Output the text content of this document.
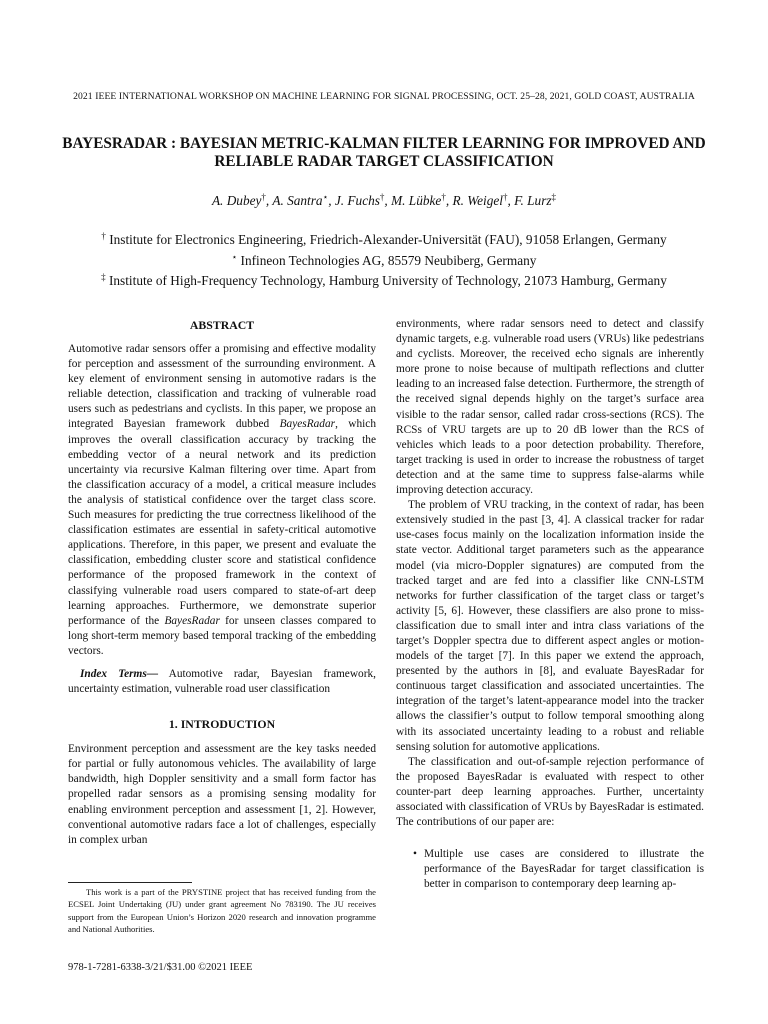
2021 IEEE INTERNATIONAL WORKSHOP ON MACHINE LEARNING FOR SIGNAL PROCESSING, OCT. 25–28, 2021, GOLD COAST, AUSTRALIA
BAYESRADAR : BAYESIAN METRIC-KALMAN FILTER LEARNING FOR IMPROVED AND
RELIABLE RADAR TARGET CLASSIFICATION
A. Dubey†, A. Santra⋆, J. Fuchs†, M. Lübke†, R. Weigel†, F. Lurz‡
† Institute for Electronics Engineering, Friedrich-Alexander-Universität (FAU), 91058 Erlangen, Germany
⋆ Infineon Technologies AG, 85579 Neubiberg, Germany
‡ Institute of High-Frequency Technology, Hamburg University of Technology, 21073 Hamburg, Germany
ABSTRACT

Automotive radar sensors offer a promising and effective modality for perception and assessment of the surrounding environment. A key element of environment sensing in automotive radars is the reliable detection, classification and tracking of vulnerable road users such as pedestrians and cyclists. In this paper, we propose an integrated Bayesian framework dubbed BayesRadar, which improves the overall classification accuracy by tracking the embedding vector of a neural network and its prediction uncertainty via recursive Kalman filtering over time. Apart from the classification accuracy of a model, a critical measure includes the analysis of statistical confidence over the target class score. Such measures for predicting the true correctness likelihood of the classification estimates are essential in safety-critical automotive applications. Therefore, in this paper, we present and evaluate the classification, embedding cluster score and statistical confidence performance of the proposed framework in the context of classifying vulnerable road users compared to state-of-art deep learning approaches. Furthermore, we demonstrate superior performance of the BayesRadar for unseen classes compared to long short-term memory based temporal tracking of the embedding vectors.

Index Terms— Automotive radar, Bayesian framework, uncertainty estimation, vulnerable road user classification

1. INTRODUCTION

Environment perception and assessment are the key tasks needed for partial or fully autonomous vehicles. The availability of large bandwidth, high Doppler sensitivity and a small form factor has propelled radar sensors as a promising sensing modality for enabling environment perception and assessment [1, 2]. However, conventional automotive radars face a lot of challenges, especially in complex urban

environments, where radar sensors need to detect and classify dynamic targets, e.g. vulnerable road users (VRUs) like pedestrians and cyclists. Moreover, the received echo signals are inherently more prone to noise because of multipath reflections and clutter leading to an increased false detection. Furthermore, the strength of the received signal depends highly on the target’s surface area visible to the radar sensor, called radar cross-sections (RCS). The RCSs of VRU targets are up to 20 dB lower than the RCS of vehicles which leads to a poor detection probability. Therefore, target tracking is used in order to increase the robustness of target detection and at the same time to suppress false-alarms while improving detection accuracy.

The problem of VRU tracking, in the context of radar, has been extensively studied in the past [3, 4]. A classical tracker for radar use-cases focus mainly on the localization information inside the state vector. Additional target parameters such as the appearance model (via micro-Doppler signatures) are computed from the tracked target and are fed into a classifier like CNN-LSTM networks for further classification of the target class or target’s activity [5, 6]. However, these classifiers are also prone to miss-classification due to small inter and intra class variations of the target’s Doppler spectra due to different aspect angles or motion-models of the target [7]. In this paper we extend the approach, presented by the authors in [8], and evaluate BayesRadar for continuous target classification and associated uncertainties. The integration of the target’s latent-appearance model into the tracker allows the classifier’s output to follow temporal smoothing along with its associated uncertainty leading to a robust and reliable sensing solution for automotive applications.

The classification and out-of-sample rejection performance of the proposed BayesRadar is evaluated with respect to other counter-part deep learning approaches. Further, uncertainty associated with classification of VRUs by BayesRadar is estimated. The contributions of our paper are:

• Multiple use cases are considered to illustrate the performance of the BayesRadar for target classification is better in comparison to contemporary deep learning ap-

This work is a part of the PRYSTINE project that has received funding from the ECSEL Joint Undertaking (JU) under grant agreement No 783190. The JU receives support from the European Union’s Horizon 2020 research and innovation programme and National Authorities.
978-1-7281-6338-3/21/$31.00 ©2021 IEEE
